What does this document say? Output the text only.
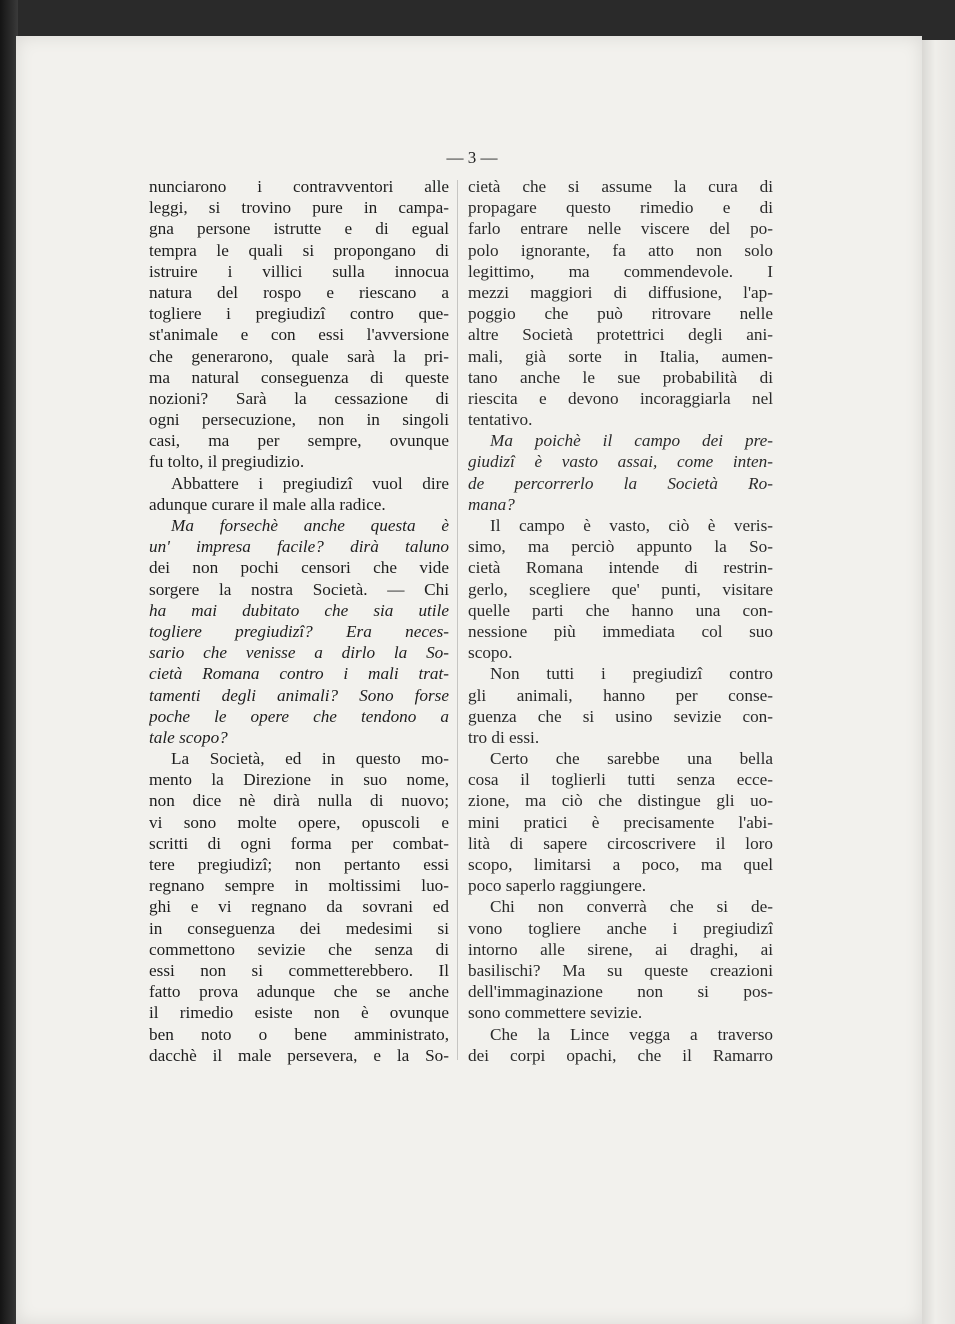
— 3 —
nunciarono i contravventori alle
leggi, si trovino pure in campa-
gna persone istrutte e di egual
tempra le quali si propongano di
istruire i villici sulla innocua
natura del rospo e riescano a
togliere i pregiudizî contro que-
st'animale e con essi l'avversione
che generarono, quale sarà la pri-
ma natural conseguenza di queste
nozioni? Sarà la cessazione di
ogni persecuzione, non in singoli
casi, ma per sempre, ovunque
fu tolto, il pregiudizio.
Abbattere i pregiudizî vuol dire
adunque curare il male alla radice.
Ma forsechè anche questa è
un' impresa facile? dirà taluno
dei non pochi censori che vide
sorgere la nostra Società. — Chi
ha mai dubitato che sia utile
togliere pregiudizî? Era neces-
sario che venisse a dirlo la So-
cietà Romana contro i mali trat-
tamenti degli animali? Sono forse
poche le opere che tendono a
tale scopo?
La Società, ed in questo mo-
mento la Direzione in suo nome,
non dice nè dirà nulla di nuovo;
vi sono molte opere, opuscoli e
scritti di ogni forma per combat-
tere pregiudizî; non pertanto essi
regnano sempre in moltissimi luo-
ghi e vi regnano da sovrani ed
in conseguenza dei medesimi si
commettono sevizie che senza di
essi non si commetterebbero. Il
fatto prova adunque che se anche
il rimedio esiste non è ovunque
ben noto o bene amministrato,
dacchè il male persevera, e la So-
cietà che si assume la cura di
propagare questo rimedio e di
farlo entrare nelle viscere del po-
polo ignorante, fa atto non solo
legittimo, ma commendevole. I
mezzi maggiori di diffusione, l'ap-
poggio che può ritrovare nelle
altre Società protettrici degli ani-
mali, già sorte in Italia, aumen-
tano anche le sue probabilità di
riescita e devono incoraggiarla nel
tentativo.
Ma poichè il campo dei pre-
giudizî è vasto assai, come inten-
de percorrerlo la Società Ro-
mana?
Il campo è vasto, ciò è veris-
simo, ma perciò appunto la So-
cietà Romana intende di restrin-
gerlo, scegliere que' punti, visitare
quelle parti che hanno una con-
nessione più immediata col suo
scopo.
Non tutti i pregiudizî contro
gli animali, hanno per conse-
guenza che si usino sevizie con-
tro di essi.
Certo che sarebbe una bella
cosa il toglierli tutti senza ecce-
zione, ma ciò che distingue gli uo-
mini pratici è precisamente l'abi-
lità di sapere circoscrivere il loro
scopo, limitarsi a poco, ma quel
poco saperlo raggiungere.
Chi non converrà che si de-
vono togliere anche i pregiudizî
intorno alle sirene, ai draghi, ai
basilischi? Ma su queste creazioni
dell'immaginazione non si pos-
sono commettere sevizie.
Che la Lince vegga a traverso
dei corpi opachi, che il Ramarro
